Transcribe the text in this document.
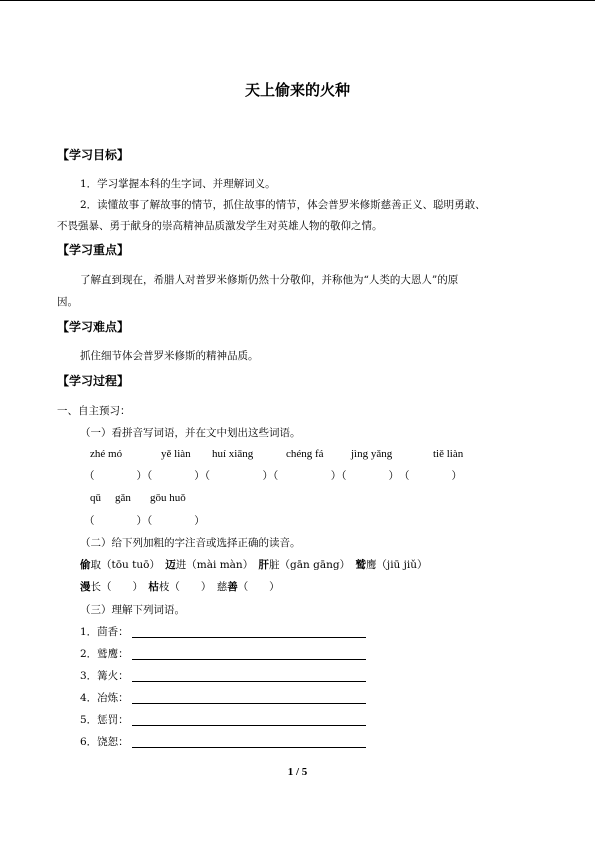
天上偷来的火种
【学习目标】
1．学习掌握本科的生字词、并理解词义。
2．读懂故事了解故事的情节，抓住故事的情节，体会普罗米修斯慈善正义、聪明勇敢、
不畏强暴、勇于献身的崇高精神品质激发学生对英雄人物的敬仰之情。
【学习重点】
了解直到现在，希腊人对普罗米修斯仍然十分敬仰，并称他为“人类的大恩人”的原
因。
【学习难点】
抓住细节体会普罗米修斯的精神品质。
【学习过程】
一、自主预习：
（一）看拼音写词语，并在文中划出这些词语。
zhé mó	yě liàn huí xiāng	chéng fá jìng yǎng	tiě liàn
（　　　　）（　　　　）（　　　　　）（　　　　　）（　　　　）　（　　　　）
qū gǎn gōu huǒ
（　　　　）（　　　　）
（二）给下列加粗的字注音或选择正确的读音。
偷取（tōu tuō） 迈进（mài màn） 肝脏（gān gāng） 鹫鹰（jiū jiǔ）
漫长（　　） 枯枝（　　） 慈善（　　）
（三）理解下列词语。
1．茴香：
2．鹫鹰：
3．篝火：
4．冶炼：
5．惩罚：
6．饶恕：
1 / 5
